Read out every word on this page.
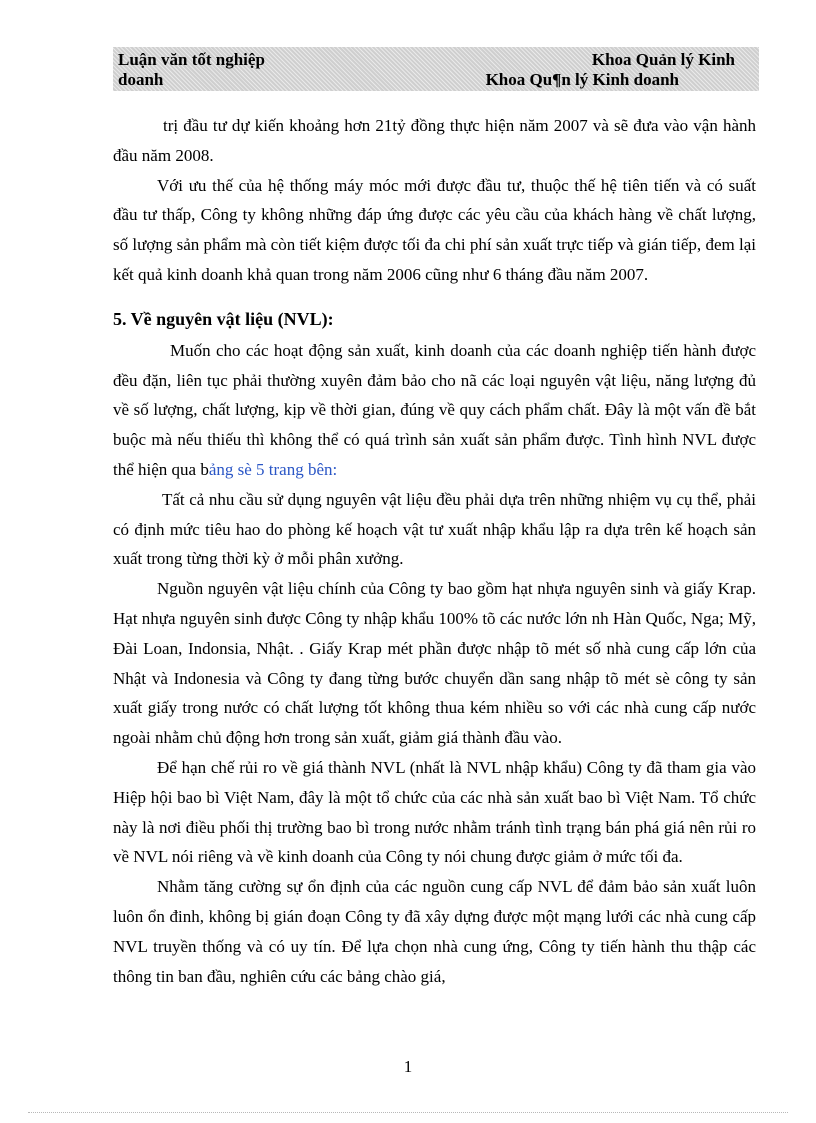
Luận văn tốt nghiệp
doanh
Khoa Quản lý Kinh
Khoa Qu¶n lý Kinh doanh

trị đầu tư dự kiến khoảng hơn 21tỷ đồng thực hiện năm 2007 và sẽ đưa vào vận hành đầu năm 2008.

Với ưu thế của hệ thống máy móc mới được đầu tư, thuộc thế hệ tiên tiến và có suất đầu tư thấp, Công ty không những đáp ứng được các yêu cầu của khách hàng về chất lượng, số lượng sản phẩm mà còn tiết kiệm được tối đa chi phí sản xuất trực tiếp và gián tiếp, đem lại kết quả kinh doanh khả quan trong năm 2006 cũng như 6 tháng đầu năm 2007.

5. Về nguyên vật liệu (NVL):

Muốn cho các hoạt động sản xuất, kinh doanh của các doanh nghiệp tiến hành được đều đặn, liên tục phải thường xuyên đảm bảo cho nã các loại nguyên vật liệu, năng lượng đủ về số lượng, chất lượng, kịp về thời gian, đúng về quy cách phẩm chất. Đây là một vấn đề bắt buộc mà nếu thiếu thì không thể có quá trình sản xuất sản phẩm được. Tình hình NVL được thể hiện qua bảng sè 5 trang bên:

Tất cả nhu cầu sử dụng nguyên vật liệu đều phải dựa trên những nhiệm vụ cụ thể, phải có định mức tiêu hao do phòng kế hoạch vật tư xuất nhập khẩu lập ra dựa trên kế hoạch sản xuất trong từng thời kỳ ở mỗi phân xưởng.

Nguồn nguyên vật liệu chính của Công ty bao gồm hạt nhựa nguyên sinh và giấy Krap. Hạt nhựa nguyên sinh được Công ty nhập khẩu 100% tõ các nước lớn nh Hàn Quốc, Nga; Mỹ, Đài Loan, Indonsia, Nhật. . Giấy Krap mét phần được nhập tõ mét số nhà cung cấp lớn của Nhật và Indonesia và Công ty đang từng bước chuyển dần sang nhập tõ mét sè công ty sản xuất giấy trong nước có chất lượng tốt không thua kém nhiều so với các nhà cung cấp nước ngoài nhằm chủ động hơn trong sản xuất, giảm giá thành đầu vào.

Để hạn chế rủi ro về giá thành NVL (nhất là NVL nhập khẩu) Công ty đã tham gia vào Hiệp hội bao bì Việt Nam, đây là một tổ chức của các nhà sản xuất bao bì Việt Nam. Tổ chức này là nơi điều phối thị trường bao bì trong nước nhằm tránh tình trạng bán phá giá nên rủi ro về NVL nói riêng và về kinh doanh của Công ty nói chung được giảm ở mức tối đa.

Nhằm tăng cường sự ổn định của các nguồn cung cấp NVL để đảm bảo sản xuất luôn luôn ổn đinh, không bị gián đoạn Công ty đã xây dựng được một mạng lưới các nhà cung cấp NVL truyền thống và có uy tín. Để lựa chọn nhà cung ứng, Công ty tiến hành thu thập các thông tin ban đầu, nghiên cứu các bảng chào giá,

1
